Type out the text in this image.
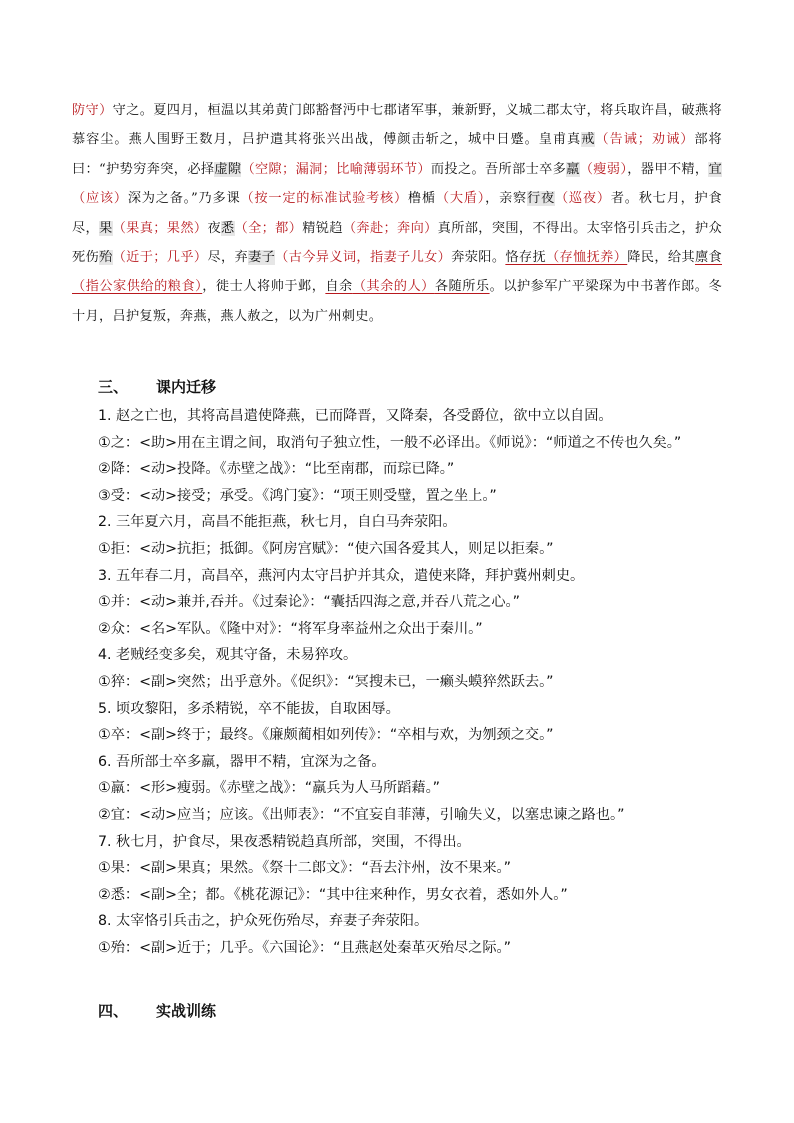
防守）守之。夏四月，桓温以其弟黄门郎豁督沔中七郡诸军事，兼新野，义城二郡太守，将兵取许昌，破燕将慕容尘。燕人围野王数月，吕护遣其将张兴出战，傅颜击斩之，城中日蹙。皇甫真戒（告诫；劝诫）部将曰：“护势穷奔突，必择虚隙（空隙；漏洞；比喻薄弱环节）而投之。吾所部士卒多羸（瘦弱），器甲不精，宜（应该）深为之备。”乃多课（按一定的标准试验考核）橹楯（大盾），亲察行夜（巡夜）者。秋七月，护食尽，果（果真；果然）夜悉（全；都）精锐趋（奔赴；奔向）真所部，突围，不得出。太宰恪引兵击之，护众死伤殆（近于；几乎）尽，弃妻子（古今异义词，指妻子儿女）奔荥阳。恪存抚（存恤抚养）降民，给其廪食（指公家供给的粮食），徙士人将帅于邺，自余（其余的人）各随所乐。以护参军广平梁琛为中书著作郎。冬十月，吕护复叛，奔燕，燕人赦之，以为广州刺史。
三、 课内迁移
1. 赵之亡也，其将高昌遣使降燕，已而降晋，又降秦，各受爵位，欲中立以自固。
①之：<助>用在主谓之间，取消句子独立性，一般不必译出。《师说》：“师道之不传也久矣。”
②降：<动>投降。《赤壁之战》：“比至南郡，而琮已降。”
③受：<动>接受；承受。《鸿门宴》：“项王则受璧，置之坐上。”
2. 三年夏六月，高昌不能拒燕，秋七月，自白马奔荥阳。
①拒：<动>抗拒；抵御。《阿房宫赋》：“使六国各爱其人，则足以拒秦。”
3. 五年春二月，高昌卒，燕河内太守吕护并其众，遣使来降，拜护冀州刺史。
①并：<动>兼并,吞并。《过秦论》：“囊括四海之意,并吞八荒之心。”
②众：<名>军队。《隆中对》：“将军身率益州之众出于秦川。”
4. 老贼经变多矣，观其守备，未易猝攻。
①猝：<副>突然；出乎意外。《促织》：“冥搜未已，一癞头蟆猝然跃去。”
5. 顷攻黎阳，多杀精锐，卒不能拔，自取困辱。
①卒：<副>终于；最终。《廉颇蔺相如列传》：“卒相与欢，为刎颈之交。”
6. 吾所部士卒多羸，器甲不精，宜深为之备。
①羸：<形>瘦弱。《赤壁之战》：“羸兵为人马所蹈藉。”
②宜：<动>应当；应该。《出师表》：“不宜妄自菲薄，引喻失义，以塞忠谏之路也。”
7. 秋七月，护食尽，果夜悉精锐趋真所部，突围，不得出。
①果：<副>果真；果然。《祭十二郎文》：“吾去汴州，汝不果来。”
②悉：<副>全；都。《桃花源记》：“其中往来种作，男女衣着，悉如外人。”
8. 太宰恪引兵击之，护众死伤殆尽，弃妻子奔荥阳。
①殆：<副>近于；几乎。《六国论》：“且燕赵处秦革灭殆尽之际。”
四、 实战训练
